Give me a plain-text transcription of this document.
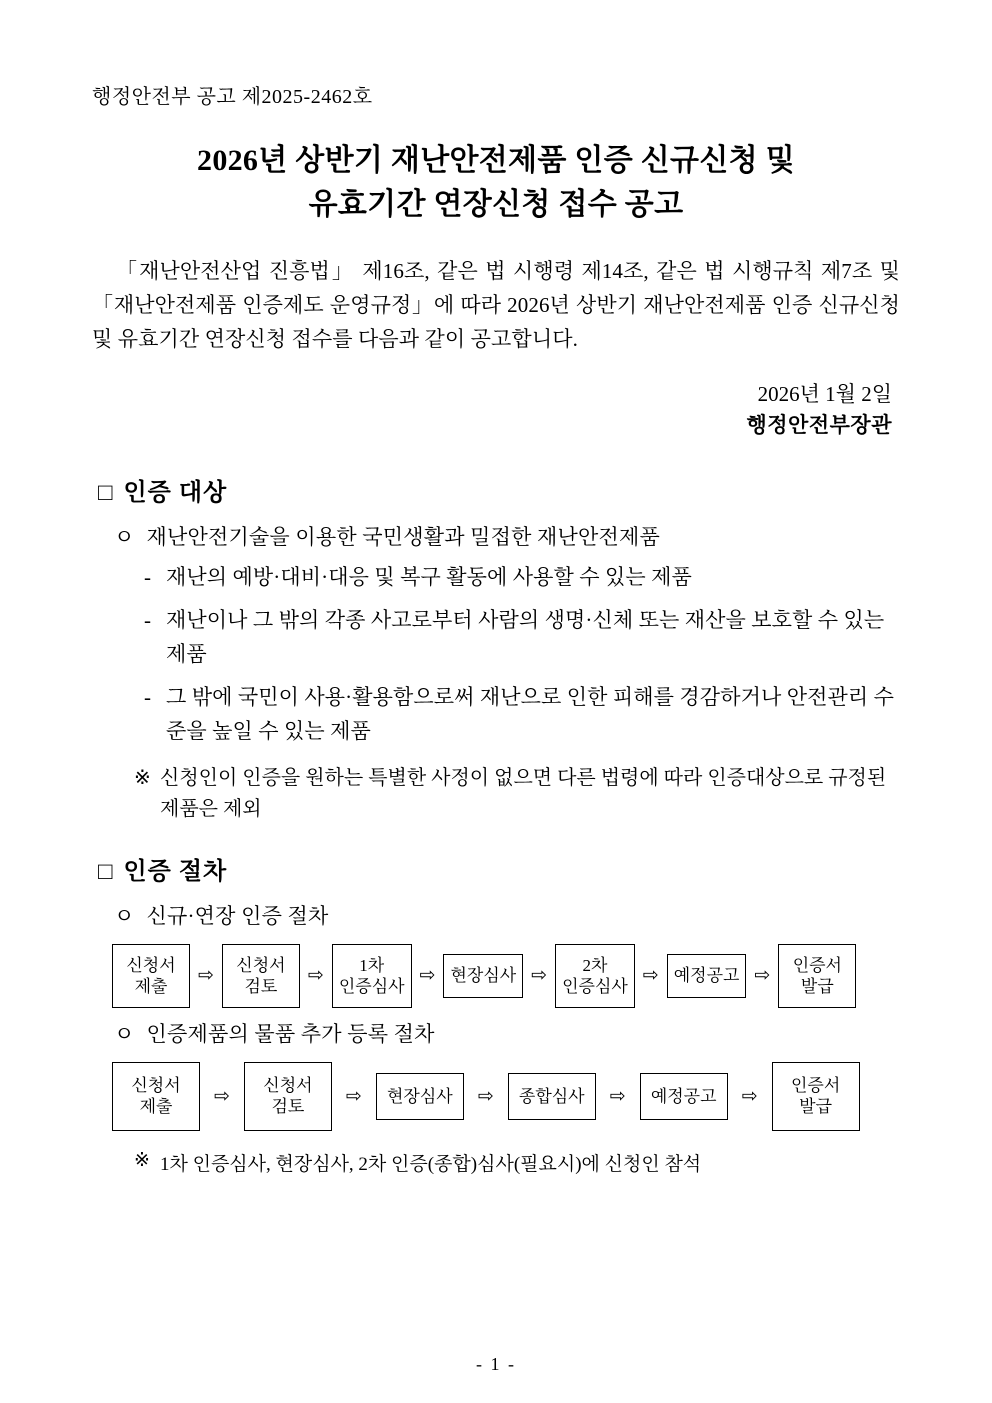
행정안전부 공고 제2025-2462호
2026년 상반기 재난안전제품 인증 신규신청 및
유효기간 연장신청 접수 공고
「재난안전산업 진흥법」 제16조, 같은 법 시행령 제14조, 같은 법 시행규칙 제7조 및 「재난안전제품 인증제도 운영규정」에 따라 2026년 상반기 재난안전제품 인증 신규신청 및 유효기간 연장신청 접수를 다음과 같이 공고합니다.
2026년 1월 2일
행정안전부장관
□ 인증 대상
ㅇ 재난안전기술을 이용한 국민생활과 밀접한 재난안전제품
- 재난의 예방·대비·대응 및 복구 활동에 사용할 수 있는 제품
- 재난이나 그 밖의 각종 사고로부터 사람의 생명·신체 또는 재산을 보호할 수 있는 제품
- 그 밖에 국민이 사용·활용함으로써 재난으로 인한 피해를 경감하거나 안전관리 수준을 높일 수 있는 제품
※ 신청인이 인증을 원하는 특별한 사정이 없으면 다른 법령에 따라 인증대상으로 규정된 제품은 제외
□ 인증 절차
ㅇ 신규·연장 인증 절차
신청서
제출	⇨
신청서
검토	⇨
1차
인증심사 ⇨ 현장심사 ⇨
2차
인증심사 ⇨ 예정공고 ⇨
인증서
발급
ㅇ 인증제품의 물품 추가 등록 절차
신청서
제출	⇨
신청서
검토	⇨	현장심사	⇨	종합심사	⇨	예정공고	⇨
인증서
발급
※ 1차 인증심사, 현장심사, 2차 인증(종합)심사(필요시)에 신청인 참석
- 1 -
